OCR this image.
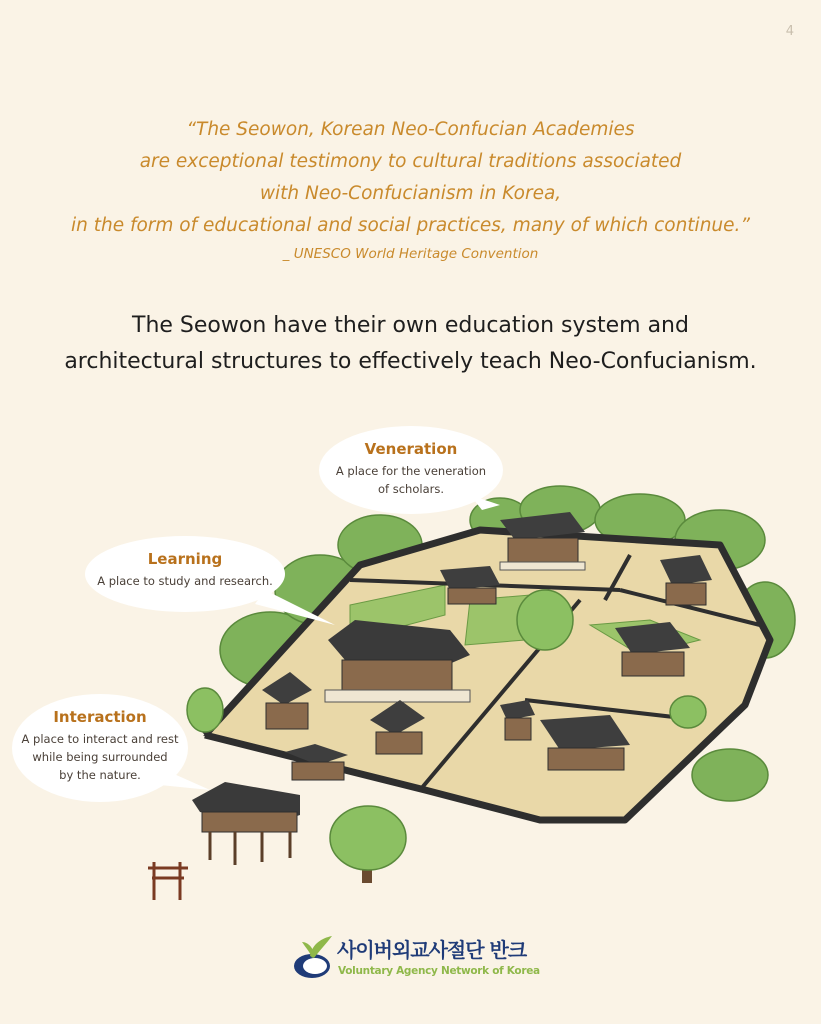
4
“The Seowon, Korean Neo-Confucian Academies
are exceptional testimony to cultural traditions associated
with Neo-Confucianism in Korea,
in the form of educational and social practices, many of which continue.”
_ UNESCO World Heritage Convention
The Seowon have their own education system and
architectural structures to effectively teach Neo-Confucianism.
Veneration
A place for the veneration
of scholars.
Learning
A place to study and research.
Interaction
A place to interact and rest
while being surrounded
by the nature.
사이버외교사절단 반크
Voluntary Agency Network of Korea
